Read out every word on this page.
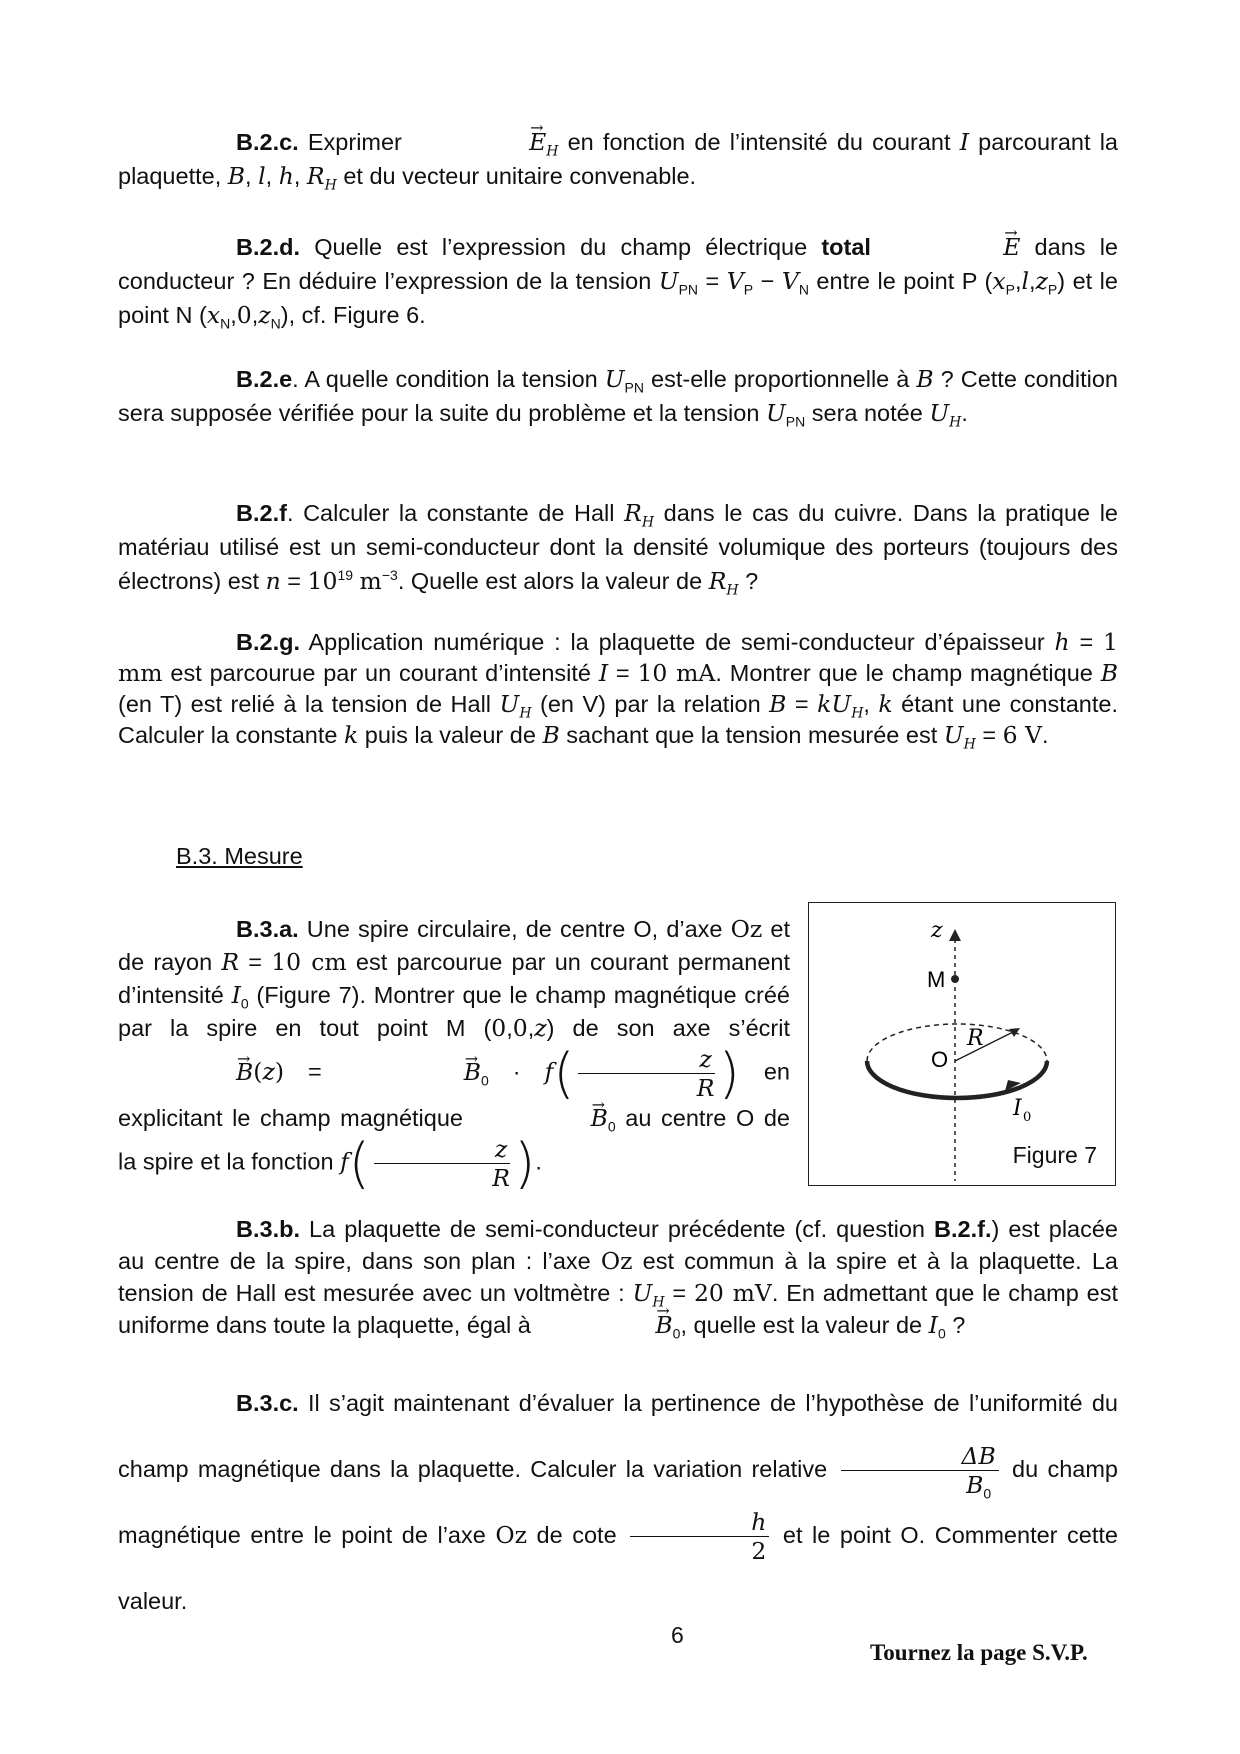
B.2.c. Exprimer	→ $E_H$ en fonction de l’intensité du courant I parcourant la plaquette, B, l, h, $R_H$ et du vecteur unitaire convenable.
B.2.d. Quelle est l’expression du champ électrique total	→ E dans le conducteur ? En déduire l’expression de la tension $U_{PN} = V_P - V_N$ entre le point P $(x_P,l,z_P)$ et le point N $(x_N,0,z_N)$, cf. Figure 6.
B.2.e. A quelle condition la tension $U_{PN}$ est-elle proportionnelle à B ? Cette condition sera supposée vérifiée pour la suite du problème et la tension $U_{PN}$ sera notée $U_H$.
B.2.f. Calculer la constante de Hall $R_H$ dans le cas du cuivre. Dans la pratique le matériau utilisé est un semi-conducteur dont la densité volumique des porteurs (toujours des électrons) est $n = 10^{19}$ $m^{-3}$. Quelle est alors la valeur de $R_H$ ?
B.2.g. Application numérique : la plaquette de semi-conducteur d’épaisseur h = 1 mm est parcourue par un courant d’intensité I = 10 mA. Montrer que le champ magnétique B (en T) est relié à la tension de Hall $U_H$ (en V) par la relation $B = kU_H$, k étant une constante. Calculer la constante k puis la valeur de B sachant que la tension mesurée est $U_H = 6$ V.
B.3. Mesure
B.3.a. Une spire circulaire, de centre O, d’axe Oz et de rayon R = 10 cm est parcourue par un courant permanent d’intensité $I_0$ (Figure 7). Montrer que le champ magnétique créé par la spire en tout point M (0,0,z) de son axe s’écrit → B(z) =	→ $B_0 \cdot f( \frac{z}{R}$ ) en explicitant le champ magnétique	→ $B_0$ au centre O de la spire et la fonction $f( \frac{z}{R}$ ).
z
M
O
R
I 0
Figure 7
B.3.b. La plaquette de semi-conducteur précédente (cf. question B.2.f.) est placée au centre de la spire, dans son plan : l’axe Oz est commun à la spire et à la plaquette. La tension de Hall est mesurée avec un voltmètre : $U_H = 20$ mV. En admettant que le champ est uniforme dans toute la plaquette, égal à	→ $B_0$, quelle est la valeur de $I_0$ ?
B.3.c. Il s’agit maintenant d’évaluer la pertinence de l’hypothèse de l’uniformité du champ magnétique dans la plaquette. Calculer la variation relative $\frac{\Delta B}{B_0}$ du champ magnétique entre le point de l’axe Oz de cote $\frac{h}{2}$ et le point O. Commenter cette valeur.
6
Tournez la page S.V.P.
